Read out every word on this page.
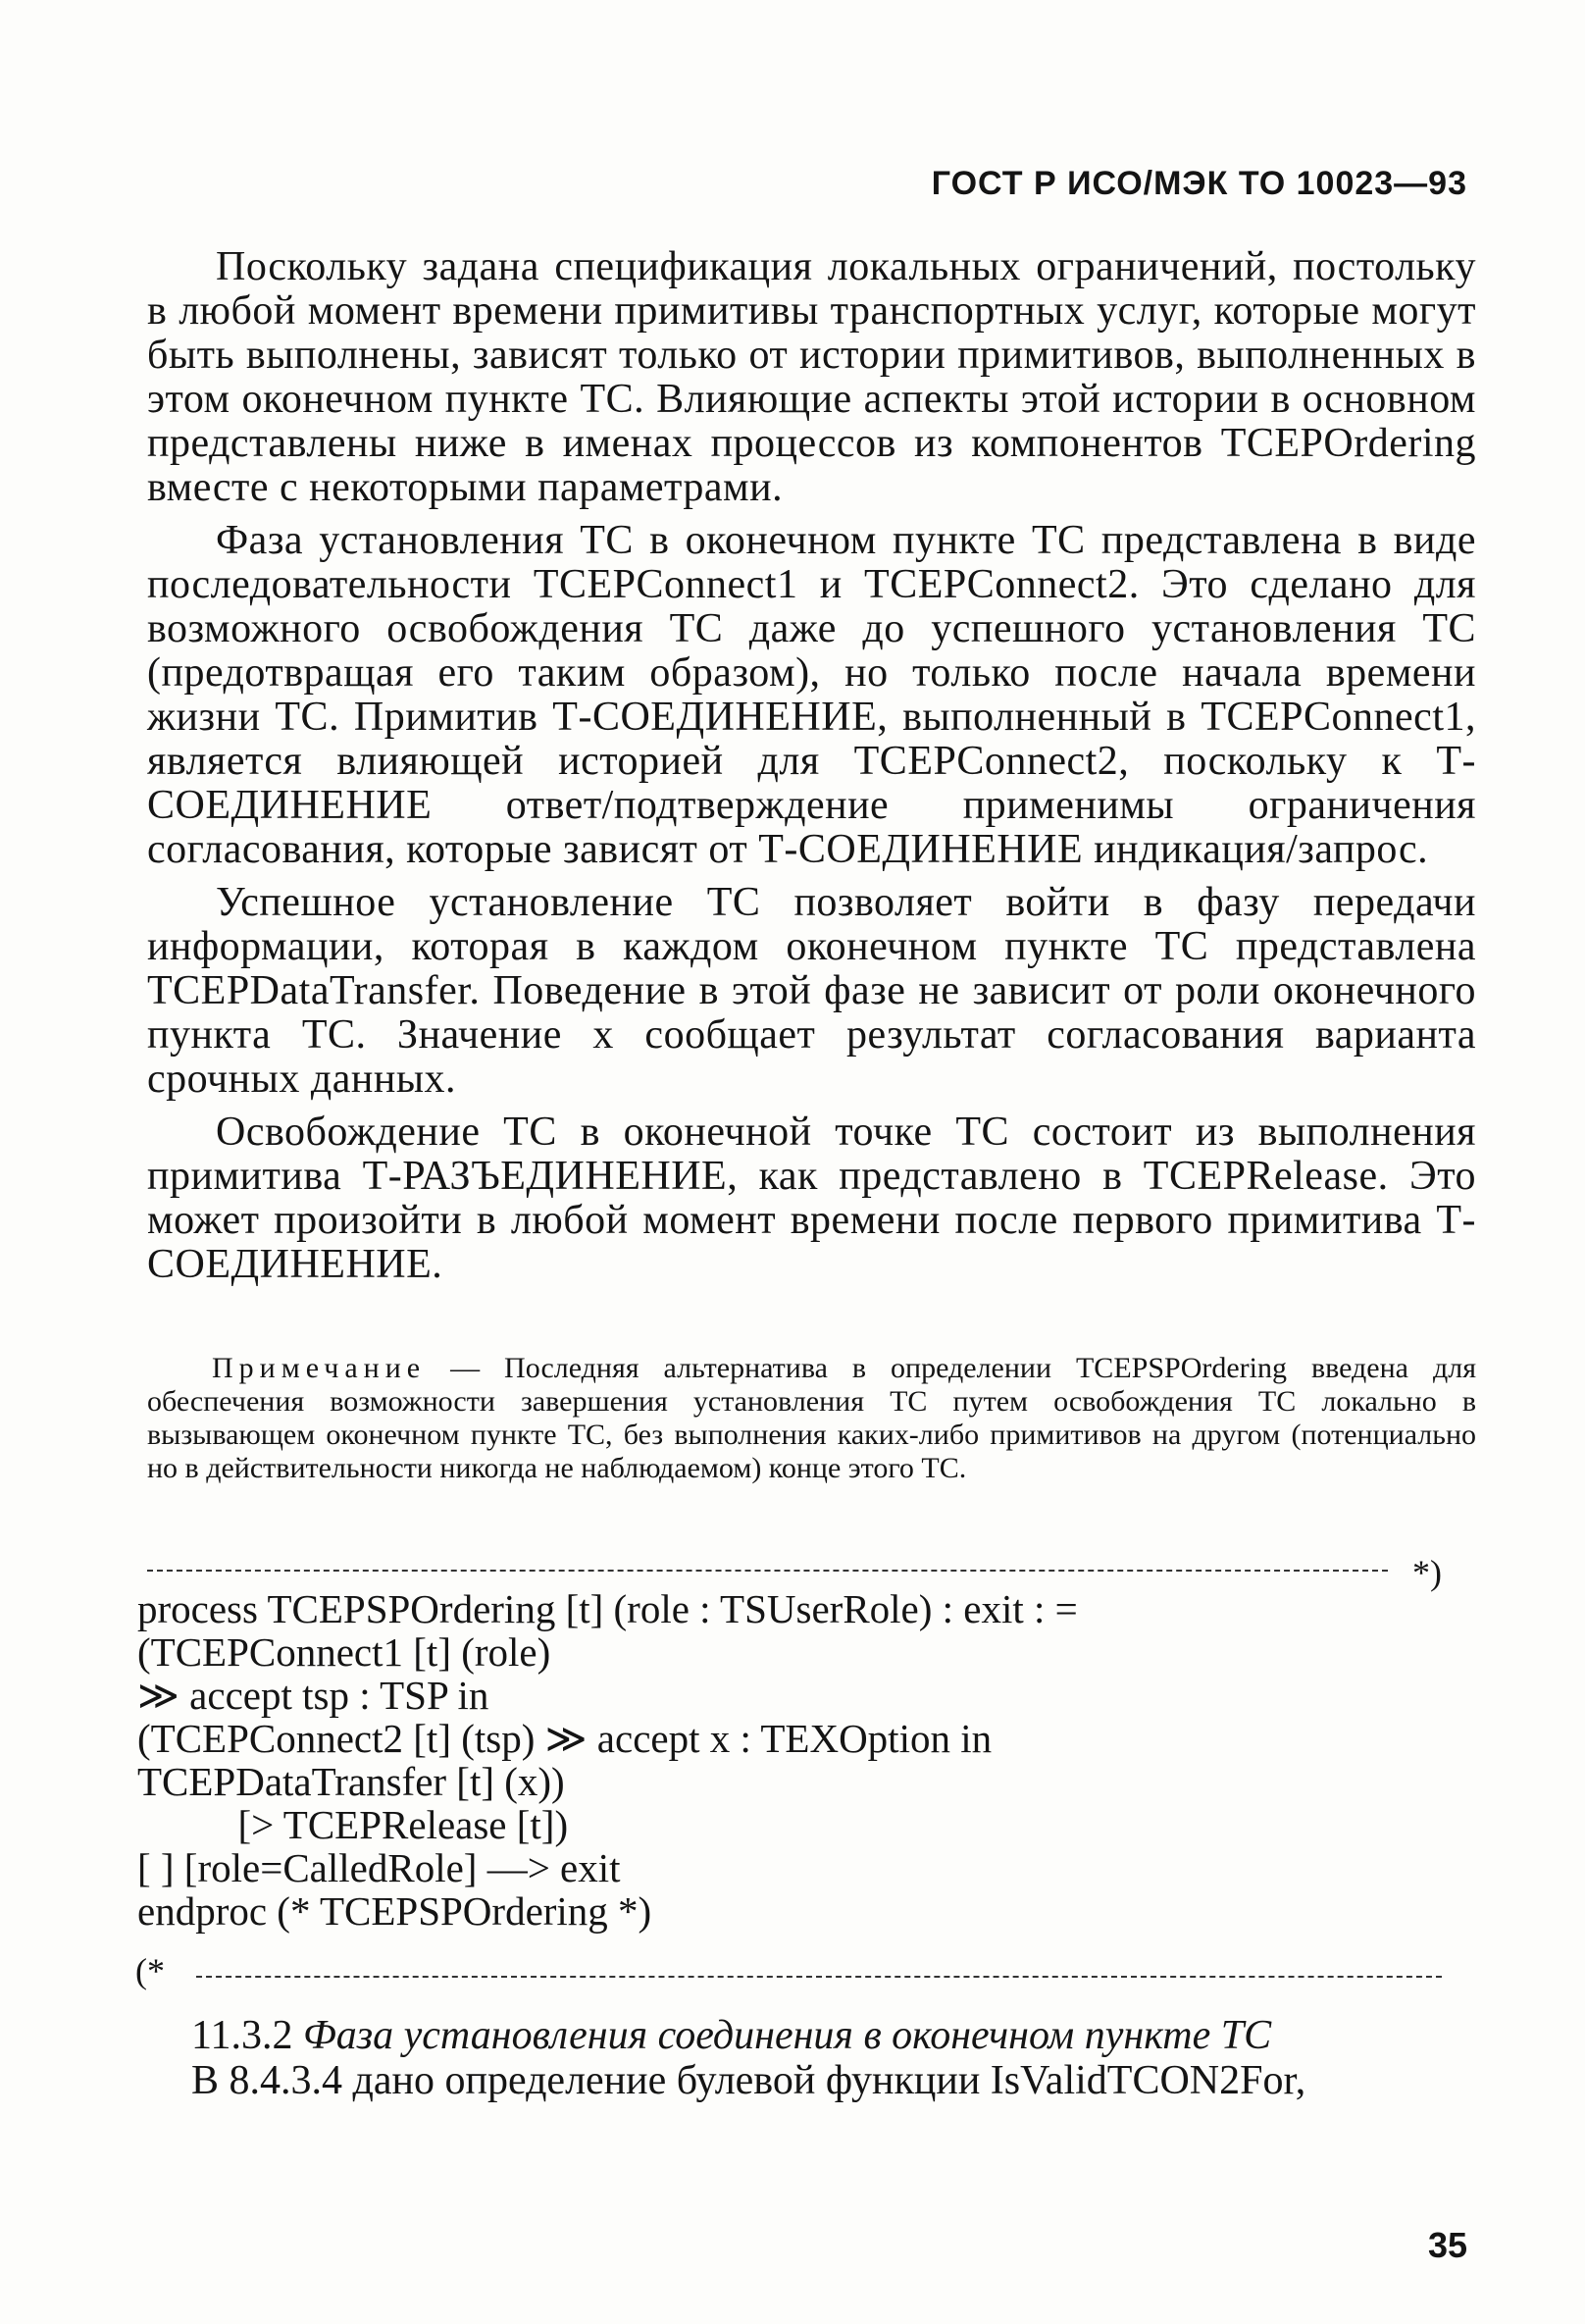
ГОСТ Р ИСО/МЭК ТО 10023—93

Поскольку задана спецификация локальных ограничений, постольку в любой момент времени примитивы транспортных услуг, которые могут быть выполнены, зависят только от истории примитивов, выполненных в этом оконечном пункте ТС. Влияющие аспекты этой истории в основном представлены ниже в именах процессов из компонентов TCEPOrdering вместе с некоторыми параметрами.

Фаза установления ТС в оконечном пункте ТС представлена в виде последовательности TCEPConnect1 и TCEPConnect2. Это сделано для возможного освобождения ТС даже до успешного установления ТС (предотвращая его таким образом), но только после начала времени жизни ТС. Примитив Т-СОЕДИНЕНИЕ, выполненный в TCEPConnect1, является влияющей историей для TCEPConnect2, поскольку к Т-СОЕДИНЕНИЕ ответ/подтверждение применимы ограничения согласования, которые зависят от Т-СОЕДИНЕНИЕ индикация/запрос.

Успешное установление ТС позволяет войти в фазу передачи информации, которая в каждом оконечном пункте ТС представлена TCEPDataTransfer. Поведение в этой фазе не зависит от роли оконечного пункта ТС. Значение x сообщает результат согласования варианта срочных данных.

Освобождение ТС в оконечной точке ТС состоит из выполнения примитива Т-РАЗЪЕДИНЕНИЕ, как представлено в TCEPRelease. Это может произойти в любой момент времени после первого примитива Т-СОЕДИНЕНИЕ.

Примечание — Последняя альтернатива в определении TCEPSPOrdering введена для обеспечения возможности завершения установления ТС путем освобождения ТС локально в вызывающем оконечном пункте ТС, без выполнения каких-либо примитивов на другом (потенциально но в действительности никогда не наблюдаемом) конце этого ТС.

*)
process TCEPSPOrdering [t] (role : TSUserRole) : exit : =
(TCEPConnect1 [t] (role)
≫ accept tsp : TSP in
(TCEPConnect2 [t] (tsp) ≫ accept x : TEXOption in
TCEPDataTransfer [t] (x))
[> TCEPRelease [t])
[ ] [role=CalledRole] —> exit
endproc (* TCEPSPOrdering *)
(*

11.3.2 Фаза установления соединения в оконечном пункте ТС

В 8.4.3.4 дано определение булевой функции IsValidTCON2For,

35
